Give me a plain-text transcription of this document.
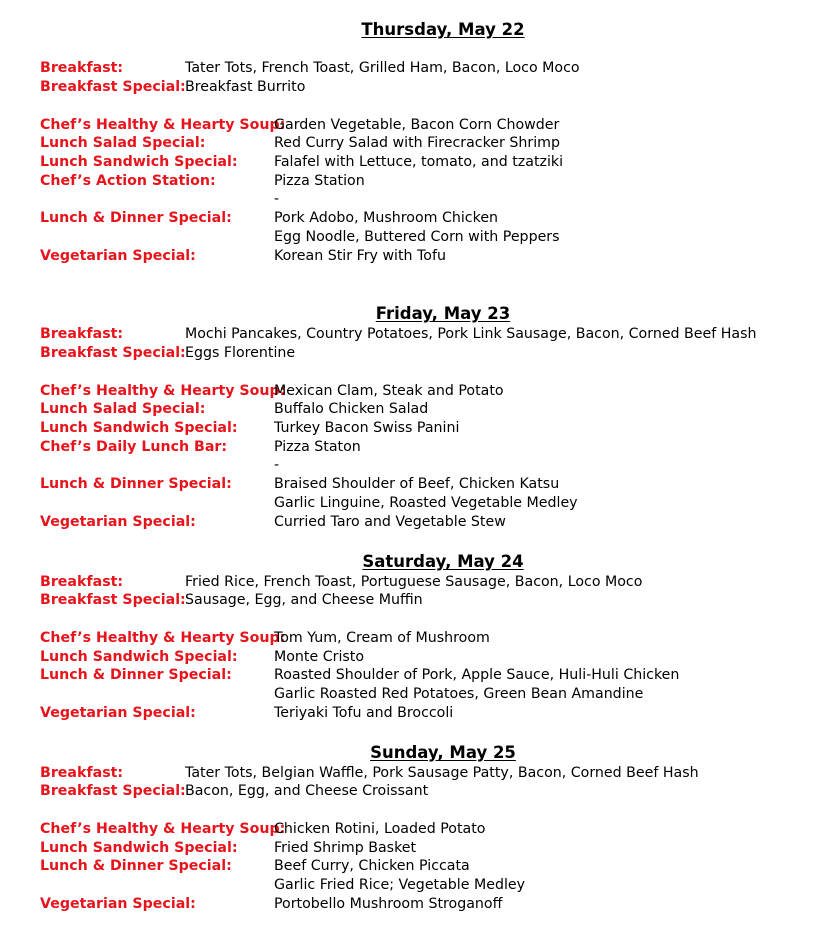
Thursday, May 22
Breakfast:	Tater Tots, French Toast, Grilled Ham, Bacon, Loco Moco
Breakfast Special: Breakfast Burrito
Chef’s Healthy & Hearty Soup:
Garden Vegetable, Bacon Corn Chowder
Lunch Salad Special:	Red Curry Salad with Firecracker Shrimp
Lunch Sandwich Special:	Falafel with Lettuce, tomato, and tzatziki
Chef’s Action Station:	Pizza Station
-
Lunch & Dinner Special:	Pork Adobo, Mushroom Chicken
Egg Noodle, Buttered Corn with Peppers
Vegetarian Special:	Korean Stir Fry with Tofu
Friday, May 23
Breakfast:	Mochi Pancakes, Country Potatoes, Pork Link Sausage, Bacon, Corned Beef Hash
Breakfast Special: Eggs Florentine
Chef’s Healthy & Hearty Soup:
Mexican Clam, Steak and Potato
Lunch Salad Special:	Buffalo Chicken Salad
Lunch Sandwich Special:	Turkey Bacon Swiss Panini
Chef’s Daily Lunch Bar:	Pizza Staton
-
Lunch & Dinner Special:	Braised Shoulder of Beef, Chicken Katsu
Garlic Linguine, Roasted Vegetable Medley
Vegetarian Special:	Curried Taro and Vegetable Stew
Saturday, May 24
Breakfast:	Fried Rice, French Toast, Portuguese Sausage, Bacon, Loco Moco
Breakfast Special: Sausage, Egg, and Cheese Muffin
Chef’s Healthy & Hearty Soup:
Tom Yum, Cream of Mushroom
Lunch Sandwich Special:	Monte Cristo
Lunch & Dinner Special:	Roasted Shoulder of Pork, Apple Sauce, Huli-Huli Chicken
Garlic Roasted Red Potatoes, Green Bean Amandine
Vegetarian Special:	Teriyaki Tofu and Broccoli
Sunday, May 25
Breakfast:	Tater Tots, Belgian Waffle, Pork Sausage Patty, Bacon, Corned Beef Hash
Breakfast Special: Bacon, Egg, and Cheese Croissant
Chef’s Healthy & Hearty Soup:
Chicken Rotini, Loaded Potato
Lunch Sandwich Special:	Fried Shrimp Basket
Lunch & Dinner Special:	Beef Curry, Chicken Piccata
Garlic Fried Rice; Vegetable Medley
Vegetarian Special:	Portobello Mushroom Stroganoff
